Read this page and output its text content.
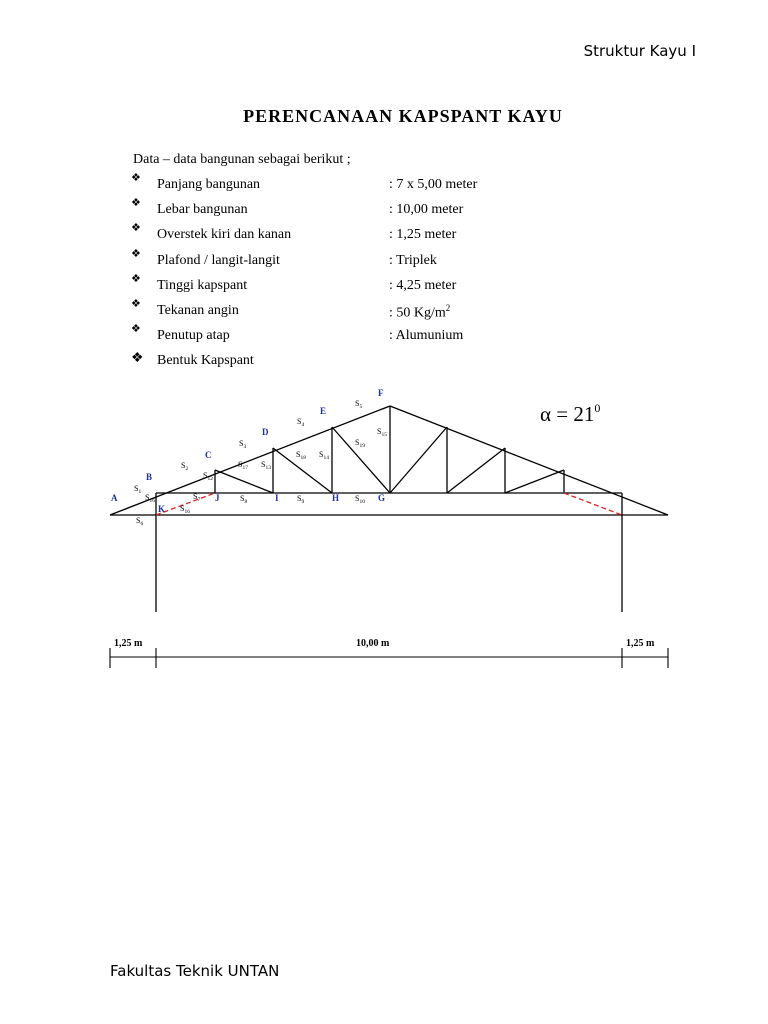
Struktur Kayu I
PERENCANAAN KAPSPANT KAYU
Data – data bangunan sebagai berikut ;
❖ Panjang bangunan	: 7 x 5,00 meter
❖ Lebar bangunan	: 10,00 meter
❖ Overstek kiri dan kanan	: 1,25 meter
❖ Plafond / langit-langit	: Triplek
❖ Tinggi kapspant	: 4,25 meter
❖ Tekanan angin	: 50 $Kg/m^2$
❖ Penutup atap	: Alumunium
❖ Bentuk Kapspant
A
B
C
D
E
F
G
H
I
J
K
$S_1$
$S_2$
$S_3$
$S_4$
$S_5$
$S_6$
$S_7$	$S_8$	$S_9$	$S_{10}$
$S_{16}$
$S_{16}$
$S_{12}$
$S_{17}$ $S_{13}$
$S_{18}$ $S_{14}$
$S_{19}$
$S_{15}$
$\alpha = 21^0$
1,25 m	10,00 m	1,25 m
Fakultas Teknik UNTAN
